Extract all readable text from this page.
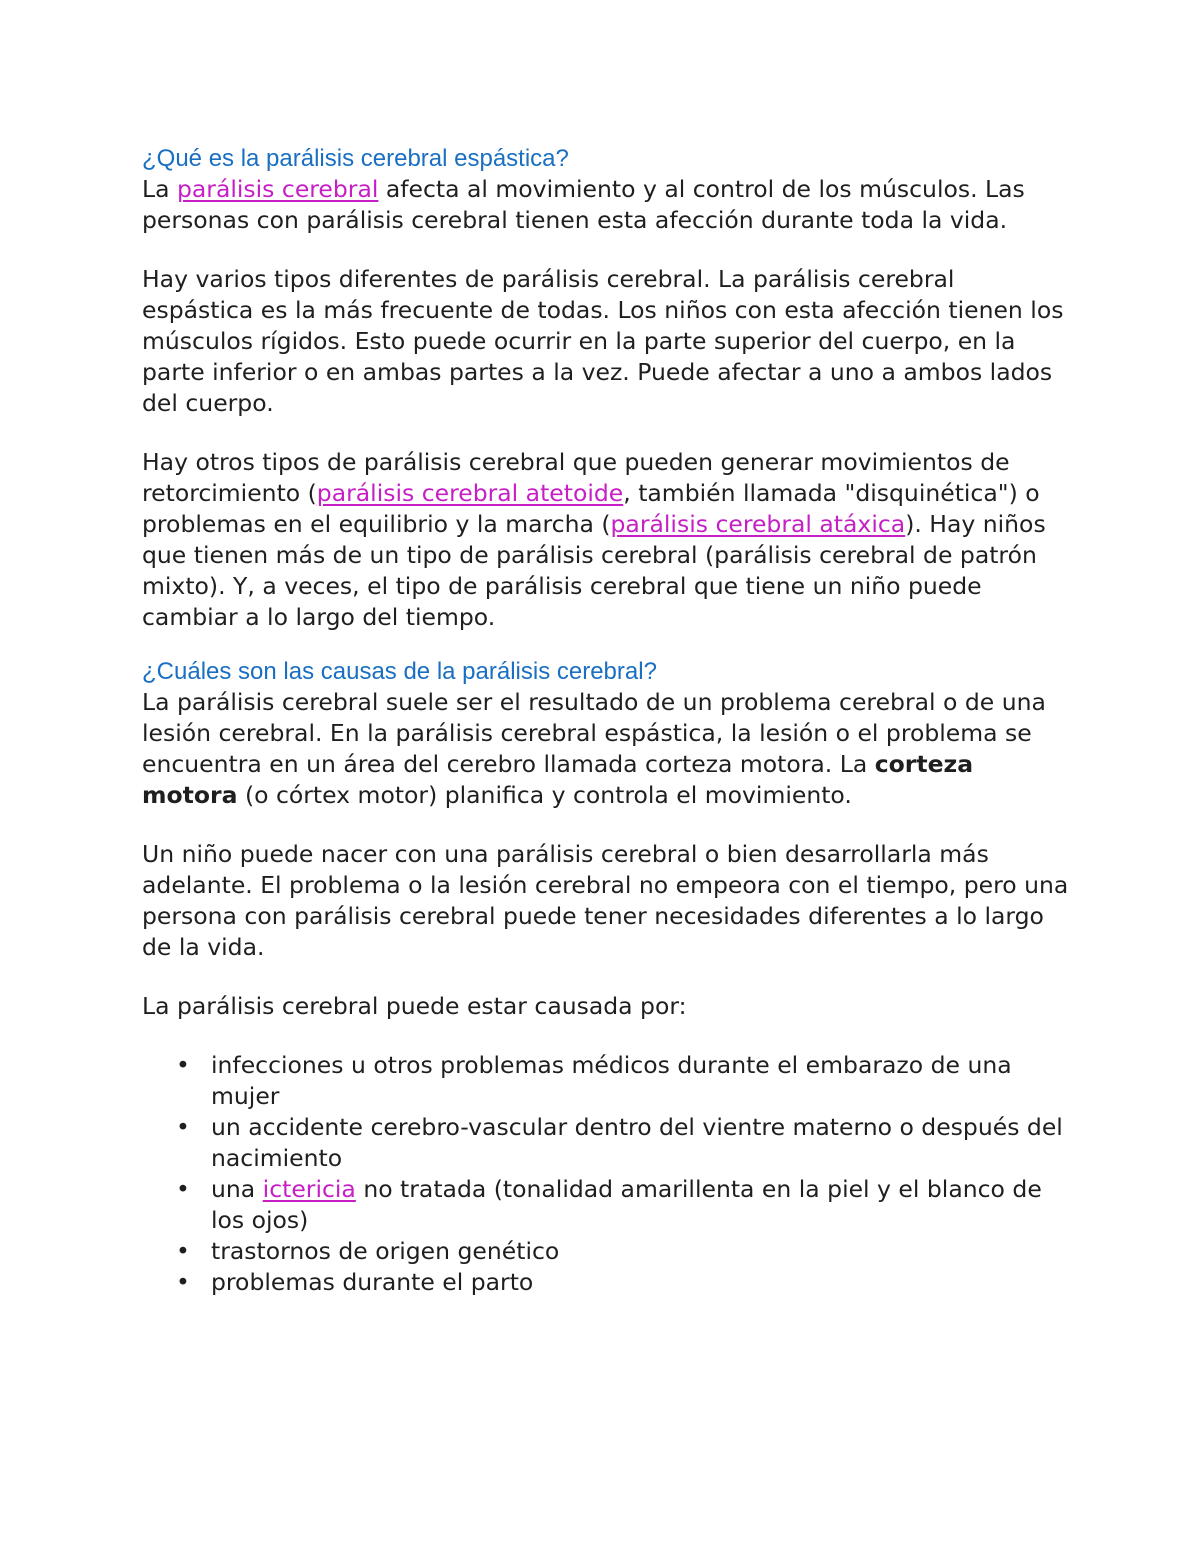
¿Qué es la parálisis cerebral espástica?

La parálisis cerebral afecta al movimiento y al control de los músculos. Las personas con parálisis cerebral tienen esta afección durante toda la vida.

Hay varios tipos diferentes de parálisis cerebral. La parálisis cerebral espástica es la más frecuente de todas. Los niños con esta afección tienen los músculos rígidos. Esto puede ocurrir en la parte superior del cuerpo, en la parte inferior o en ambas partes a la vez. Puede afectar a uno a ambos lados del cuerpo.

Hay otros tipos de parálisis cerebral que pueden generar movimientos de retorcimiento (parálisis cerebral atetoide, también llamada "disquinética") o problemas en el equilibrio y la marcha (parálisis cerebral atáxica). Hay niños que tienen más de un tipo de parálisis cerebral (parálisis cerebral de patrón mixto). Y, a veces, el tipo de parálisis cerebral que tiene un niño puede cambiar a lo largo del tiempo.

¿Cuáles son las causas de la parálisis cerebral?

La parálisis cerebral suele ser el resultado de un problema cerebral o de una lesión cerebral. En la parálisis cerebral espástica, la lesión o el problema se encuentra en un área del cerebro llamada corteza motora. La corteza motora (o córtex motor) planifica y controla el movimiento.

Un niño puede nacer con una parálisis cerebral o bien desarrollarla más adelante. El problema o la lesión cerebral no empeora con el tiempo, pero una persona con parálisis cerebral puede tener necesidades diferentes a lo largo de la vida.

La parálisis cerebral puede estar causada por:

• infecciones u otros problemas médicos durante el embarazo de una mujer
• un accidente cerebro-vascular dentro del vientre materno o después del nacimiento
• una ictericia no tratada (tonalidad amarillenta en la piel y el blanco de los ojos)
• trastornos de origen genético
• problemas durante el parto
